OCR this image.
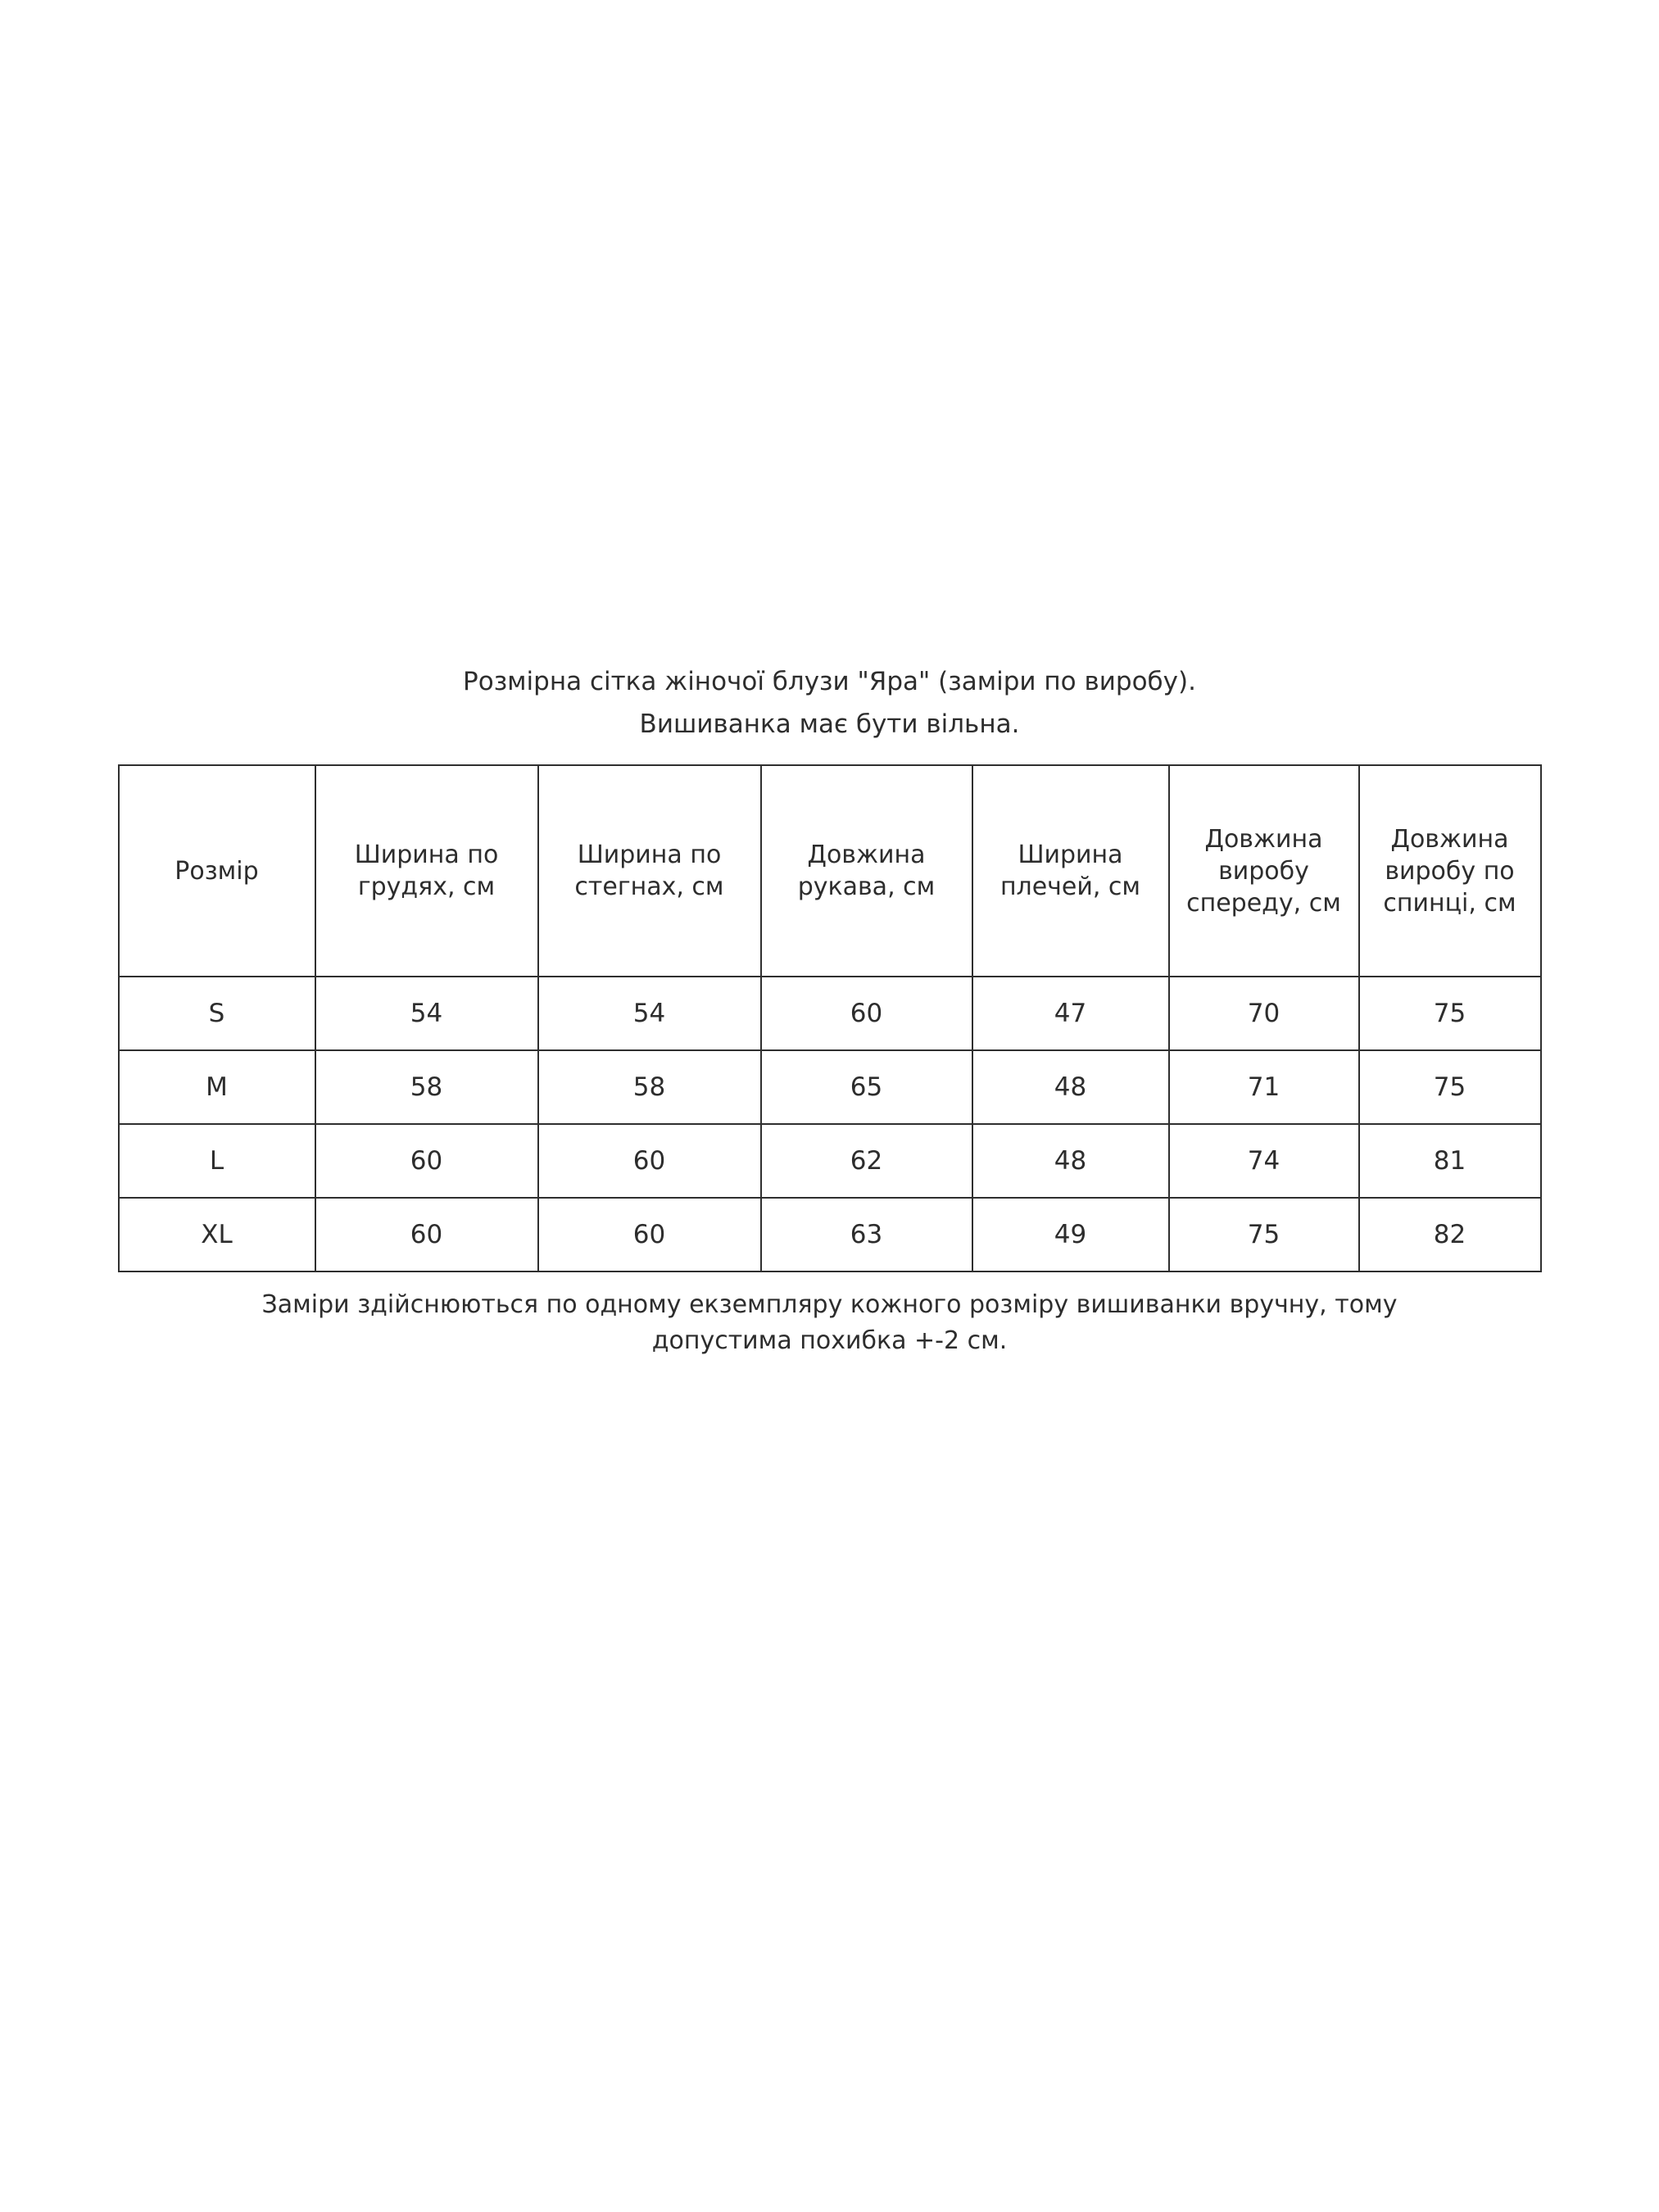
Розмірна сітка жіночої блузи "Яра" (заміри по виробу).
Вишиванка має бути вільна.
Розмір	Ширина по грудях, см	Ширина по стегнах, см	Довжина рукава, см	Ширина плечей, см	Довжина виробу спереду, см	Довжина виробу по спинці, см
S	54	54	60	47	70	75
M	58	58	65	48	71	75
L	60	60	62	48	74	81
XL	60	60	63	49	75	82
Заміри здійснюються по одному екземпляру кожного розміру вишиванки вручну, тому
допустима похибка +-2 см.
